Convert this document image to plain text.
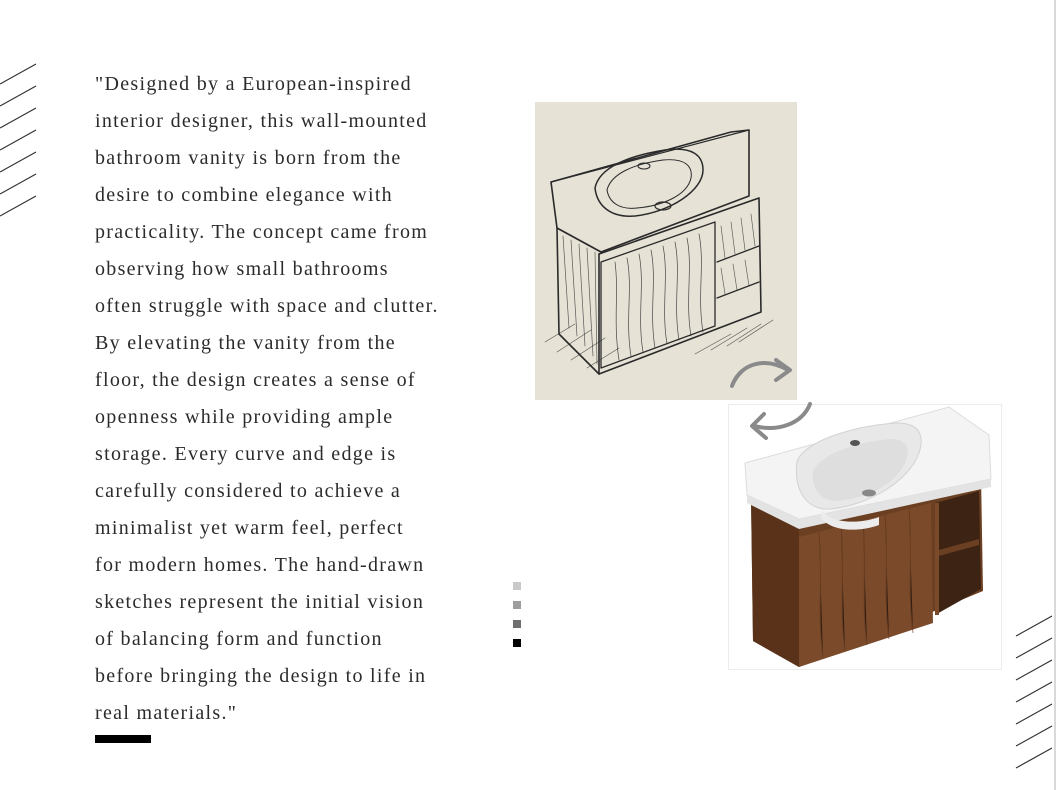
"Designed by a European-inspired
interior designer, this wall-mounted
bathroom vanity is born from the
desire to combine elegance with
practicality. The concept came from
observing how small bathrooms
often struggle with space and clutter.
By elevating the vanity from the
floor, the design creates a sense of
openness while providing ample
storage. Every curve and edge is
carefully considered to achieve a
minimalist yet warm feel, perfect
for modern homes. The hand-drawn
sketches represent the initial vision
of balancing form and function
before bringing the design to life in
real materials."
